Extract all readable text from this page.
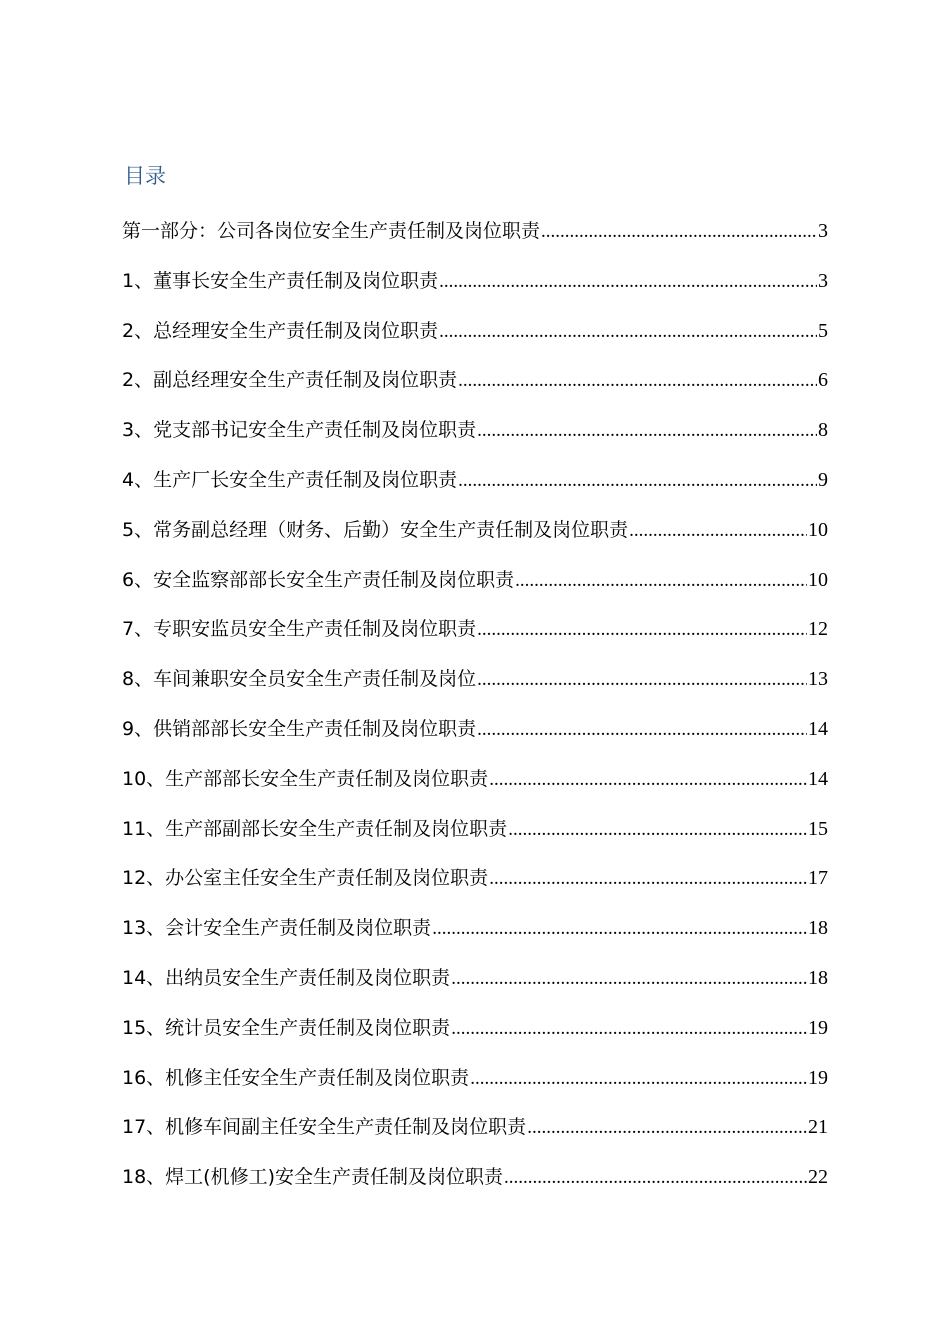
目录
第一部分：公司各岗位安全生产责任制及岗位职责 .....	3
1、董事长安全生产责任制及岗位职责 .....	3
2、总经理安全生产责任制及岗位职责 .....	5
2、副总经理安全生产责任制及岗位职责 .....	6
3、党支部书记安全生产责任制及岗位职责 .....	8
4、生产厂长安全生产责任制及岗位职责 .....	9
5、常务副总经理（财务、后勤）安全生产责任制及岗位职责 .....	10
6、安全监察部部长安全生产责任制及岗位职责 .....	10
7、专职安监员安全生产责任制及岗位职责 .....	12
8、车间兼职安全员安全生产责任制及岗位 .....	13
9、供销部部长安全生产责任制及岗位职责 .....	14
10、生产部部长安全生产责任制及岗位职责 .....	14
11、生产部副部长安全生产责任制及岗位职责 .....	15
12、办公室主任安全生产责任制及岗位职责 .....	17
13、会计安全生产责任制及岗位职责 .....	18
14、出纳员安全生产责任制及岗位职责 .....	18
15、统计员安全生产责任制及岗位职责 .....	19
16、机修主任安全生产责任制及岗位职责 .....	19
17、机修车间副主任安全生产责任制及岗位职责 .....	21
18、焊工(机修工)安全生产责任制及岗位职责 .....	22
